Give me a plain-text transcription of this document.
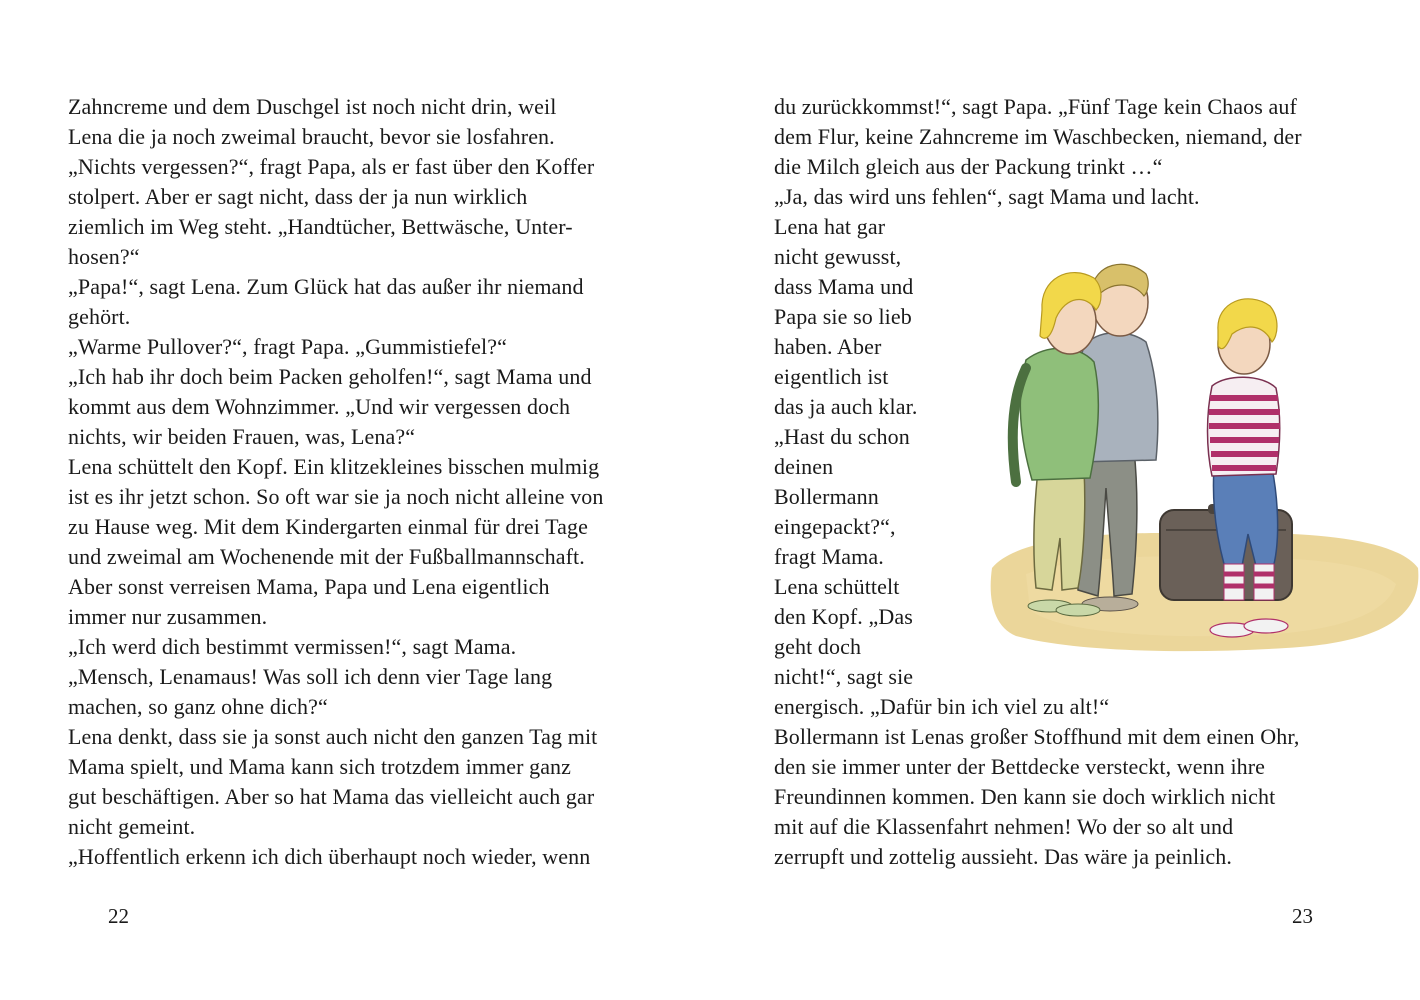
Zahncreme und dem Duschgel ist noch nicht drin, weil
Lena die ja noch zweimal braucht, bevor sie losfahren.
„Nichts vergessen?“, fragt Papa, als er fast über den Koffer
stolpert. Aber er sagt nicht, dass der ja nun wirklich
ziemlich im Weg steht. „Handtücher, Bettwäsche, Unter-
hosen?“
„Papa!“, sagt Lena. Zum Glück hat das außer ihr niemand
gehört.
„Warme Pullover?“, fragt Papa. „Gummistiefel?“
„Ich hab ihr doch beim Packen geholfen!“, sagt Mama und
kommt aus dem Wohnzimmer. „Und wir vergessen doch
nichts, wir beiden Frauen, was, Lena?“
Lena schüttelt den Kopf. Ein klitzekleines bisschen mulmig
ist es ihr jetzt schon. So oft war sie ja noch nicht alleine von
zu Hause weg. Mit dem Kindergarten einmal für drei Tage
und zweimal am Wochenende mit der Fußballmannschaft.
Aber sonst verreisen Mama, Papa und Lena eigentlich
immer nur zusammen.
„Ich werd dich bestimmt vermissen!“, sagt Mama.
„Mensch, Lenamaus! Was soll ich denn vier Tage lang
machen, so ganz ohne dich?“
Lena denkt, dass sie ja sonst auch nicht den ganzen Tag mit
Mama spielt, und Mama kann sich trotzdem immer ganz
gut beschäftigen. Aber so hat Mama das vielleicht auch gar
nicht gemeint.
„Hoffentlich erkenn ich dich überhaupt noch wieder, wenn
22
du zurückkommst!“, sagt Papa. „Fünf Tage kein Chaos auf
dem Flur, keine Zahncreme im Waschbecken, niemand, der
die Milch gleich aus der Packung trinkt …“
„Ja, das wird uns fehlen“, sagt Mama und lacht.
Lena hat gar
nicht gewusst,
dass Mama und
Papa sie so lieb
haben. Aber
eigentlich ist
das ja auch klar.
„Hast du schon
deinen
Bollermann
eingepackt?“,
fragt Mama.
Lena schüttelt
den Kopf. „Das
geht doch
nicht!“, sagt sie
energisch. „Dafür bin ich viel zu alt!“
Bollermann ist Lenas großer Stoffhund mit dem einen Ohr,
den sie immer unter der Bettdecke versteckt, wenn ihre
Freundinnen kommen. Den kann sie doch wirklich nicht
mit auf die Klassenfahrt nehmen! Wo der so alt und
zerrupft und zottelig aussieht. Das wäre ja peinlich.
23
